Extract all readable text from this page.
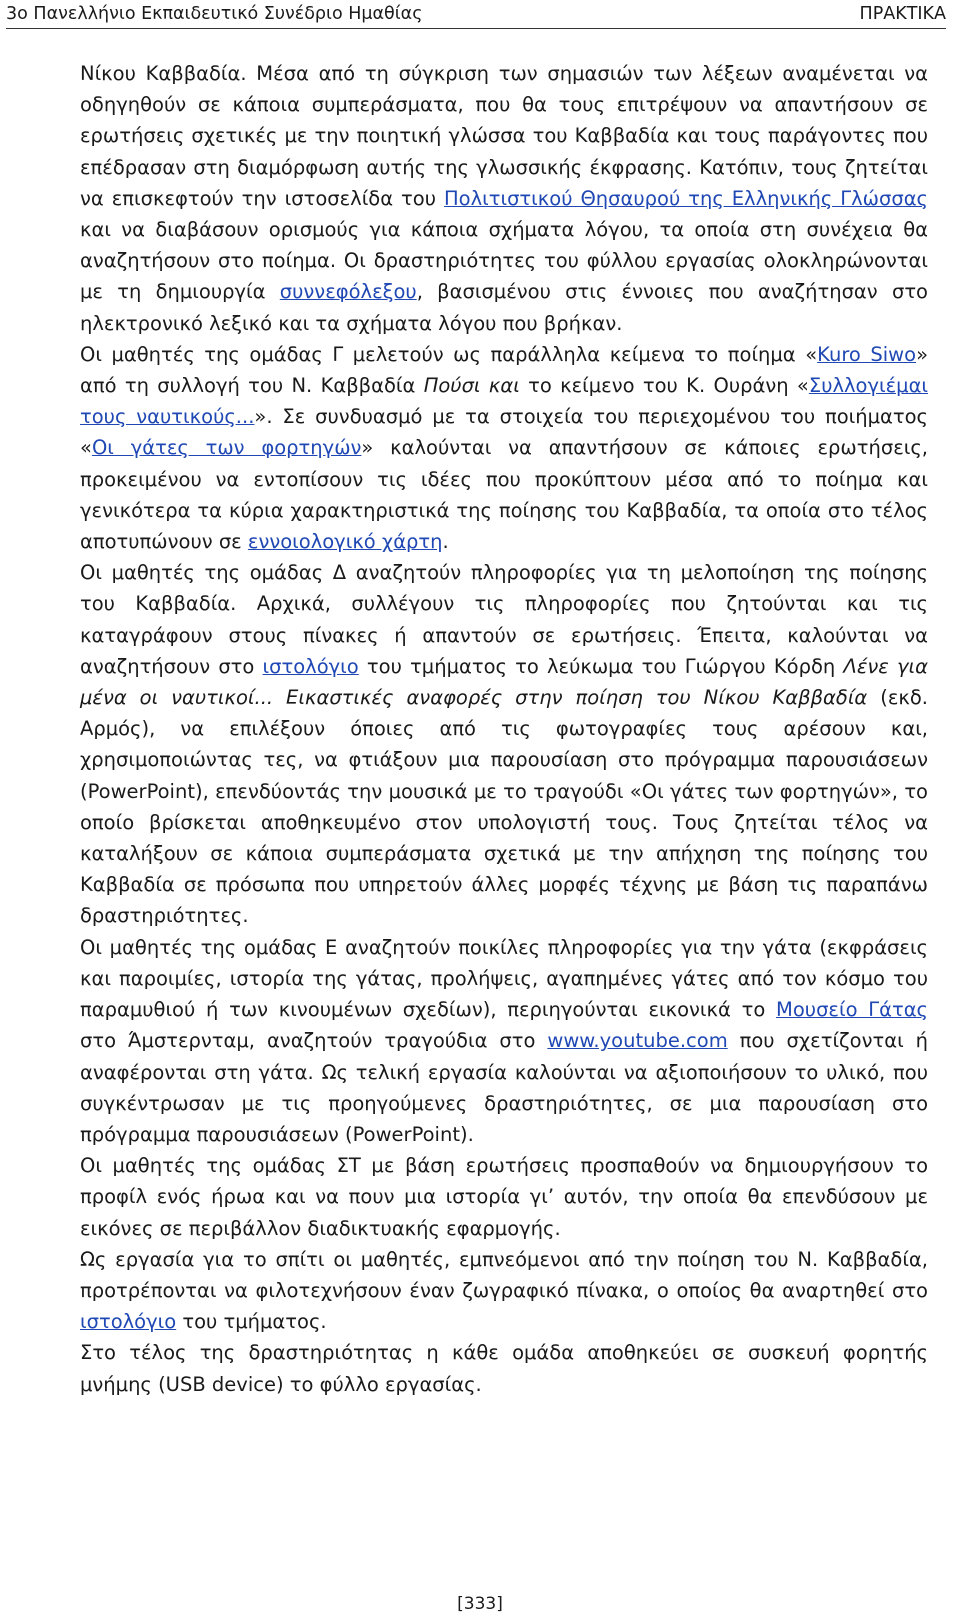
3ο Πανελλήνιο Εκπαιδευτικό Συνέδριο Ημαθίας	ΠΡΑΚΤΙΚΑ

Νίκου Καββαδία. Μέσα από τη σύγκριση των σημασιών των λέξεων αναμένεται να οδηγηθούν σε κάποια συμπεράσματα, που θα τους επιτρέψουν να απαντήσουν σε ερωτήσεις σχετικές με την ποιητική γλώσσα του Καββαδία και τους παράγοντες που επέδρασαν στη διαμόρφωση αυτής της γλωσσικής έκφρασης. Κατόπιν, τους ζητείται να επισκεφτούν την ιστοσελίδα του Πολιτιστικού Θησαυρού της Ελληνικής Γλώσσας και να διαβάσουν ορισμούς για κάποια σχήματα λόγου, τα οποία στη συνέχεια θα αναζητήσουν στο ποίημα. Οι δραστηριότητες του φύλλου εργασίας ολοκληρώνονται με τη δημιουργία συννεφόλεξου, βασισμένου στις έννοιες που αναζήτησαν στο ηλεκτρονικό λεξικό και τα σχήματα λόγου που βρήκαν.

Οι μαθητές της ομάδας Γ μελετούν ως παράλληλα κείμενα το ποίημα «Kuro Siwo» από τη συλλογή του Ν. Καββαδία Πούσι και το κείμενο του Κ. Ουράνη «Συλλογιέμαι τους ναυτικούς...». Σε συνδυασμό με τα στοιχεία του περιεχομένου του ποιήματος «Οι γάτες των φορτηγών» καλούνται να απαντήσουν σε κάποιες ερωτήσεις, προκειμένου να εντοπίσουν τις ιδέες που προκύπτουν μέσα από το ποίημα και γενικότερα τα κύρια χαρακτηριστικά της ποίησης του Καββαδία, τα οποία στο τέλος αποτυπώνουν σε εννοιολογικό χάρτη.

Οι μαθητές της ομάδας Δ αναζητούν πληροφορίες για τη μελοποίηση της ποίησης του Καββαδία. Αρχικά, συλλέγουν τις πληροφορίες που ζητούνται και τις καταγράφουν στους πίνακες ή απαντούν σε ερωτήσεις. Έπειτα, καλούνται να αναζητήσουν στο ιστολόγιο του τμήματος το λεύκωμα του Γιώργου Κόρδη Λένε για μένα οι ναυτικοί... Εικαστικές αναφορές στην ποίηση του Νίκου Καββαδία (εκδ. Αρμός), να επιλέξουν όποιες από τις φωτογραφίες τους αρέσουν και, χρησιμοποιώντας τες, να φτιάξουν μια παρουσίαση στο πρόγραμμα παρουσιάσεων (PowerPoint), επενδύοντάς την μουσικά με το τραγούδι «Οι γάτες των φορτηγών», το οποίο βρίσκεται αποθηκευμένο στον υπολογιστή τους. Τους ζητείται τέλος να καταλήξουν σε κάποια συμπεράσματα σχετικά με την απήχηση της ποίησης του Καββαδία σε πρόσωπα που υπηρετούν άλλες μορφές τέχνης με βάση τις παραπάνω δραστηριότητες.

Οι μαθητές της ομάδας Ε αναζητούν ποικίλες πληροφορίες για την γάτα (εκφράσεις και παροιμίες, ιστορία της γάτας, προλήψεις, αγαπημένες γάτες από τον κόσμο του παραμυθιού ή των κινουμένων σχεδίων), περιηγούνται εικονικά το Μουσείο Γάτας στο Άμστερνταμ, αναζητούν τραγούδια στο www.youtube.com που σχετίζονται ή αναφέρονται στη γάτα. Ως τελική εργασία καλούνται να αξιοποιήσουν το υλικό, που συγκέντρωσαν με τις προηγούμενες δραστηριότητες, σε μια παρουσίαση στο πρόγραμμα παρουσιάσεων (PowerPoint).

Οι μαθητές της ομάδας ΣΤ με βάση ερωτήσεις προσπαθούν να δημιουργήσουν το προφίλ ενός ήρωα και να πουν μια ιστορία γι’ αυτόν, την οποία θα επενδύσουν με εικόνες σε περιβάλλον διαδικτυακής εφαρμογής.

Ως εργασία για το σπίτι οι μαθητές, εμπνεόμενοι από την ποίηση του Ν. Καββαδία, προτρέπονται να φιλοτεχνήσουν έναν ζωγραφικό πίνακα, ο οποίος θα αναρτηθεί στο ιστολόγιο του τμήματος.

Στο τέλος της δραστηριότητας η κάθε ομάδα αποθηκεύει σε συσκευή φορητής μνήμης (USB device) το φύλλο εργασίας.

[333]
